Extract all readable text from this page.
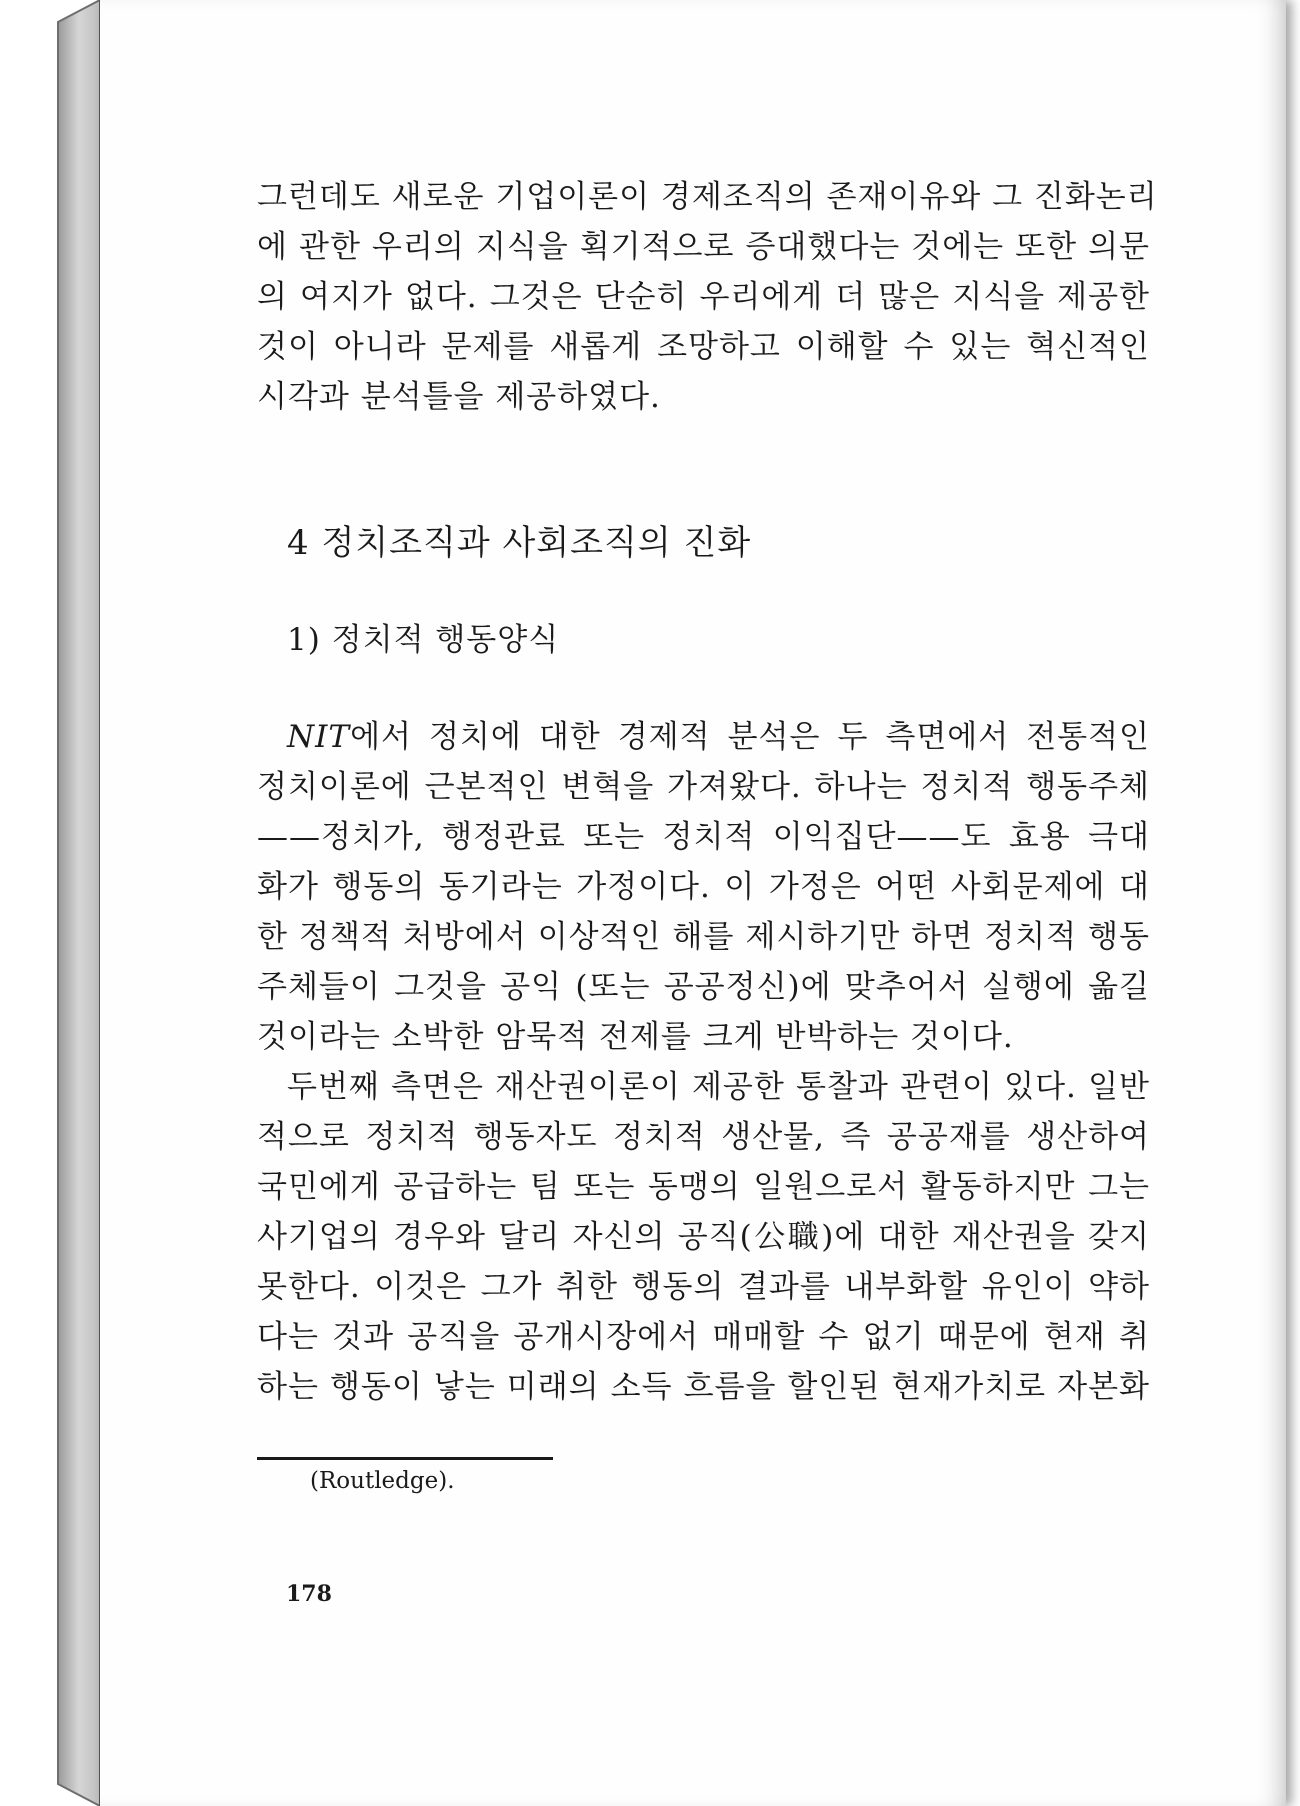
그런데도 새로운 기업이론이 경제조직의 존재이유와 그 진화논리
에 관한 우리의 지식을 획기적으로 증대했다는 것에는 또한 의문
의 여지가 없다. 그것은 단순히 우리에게 더 많은 지식을 제공한
것이 아니라 문제를 새롭게 조망하고 이해할 수 있는 혁신적인
시각과 분석틀을 제공하였다.
4 정치조직과 사회조직의 진화
1) 정치적 행동양식
NIT에서 정치에 대한 경제적 분석은 두 측면에서 전통적인
정치이론에 근본적인 변혁을 가져왔다. 하나는 정치적 행동주체
——정치가, 행정관료 또는 정치적 이익집단——도 효용 극대
화가 행동의 동기라는 가정이다. 이 가정은 어떤 사회문제에 대
한 정책적 처방에서 이상적인 해를 제시하기만 하면 정치적 행동
주체들이 그것을 공익 (또는 공공정신)에 맞추어서 실행에 옮길
것이라는 소박한 암묵적 전제를 크게 반박하는 것이다.
두번째 측면은 재산권이론이 제공한 통찰과 관련이 있다. 일반
적으로 정치적 행동자도 정치적 생산물, 즉 공공재를 생산하여
국민에게 공급하는 팀 또는 동맹의 일원으로서 활동하지만 그는
사기업의 경우와 달리 자신의 공직(公職)에 대한 재산권을 갖지
못한다. 이것은 그가 취한 행동의 결과를 내부화할 유인이 약하
다는 것과 공직을 공개시장에서 매매할 수 없기 때문에 현재 취
하는 행동이 낳는 미래의 소득 흐름을 할인된 현재가치로 자본화
(Routledge).
178
